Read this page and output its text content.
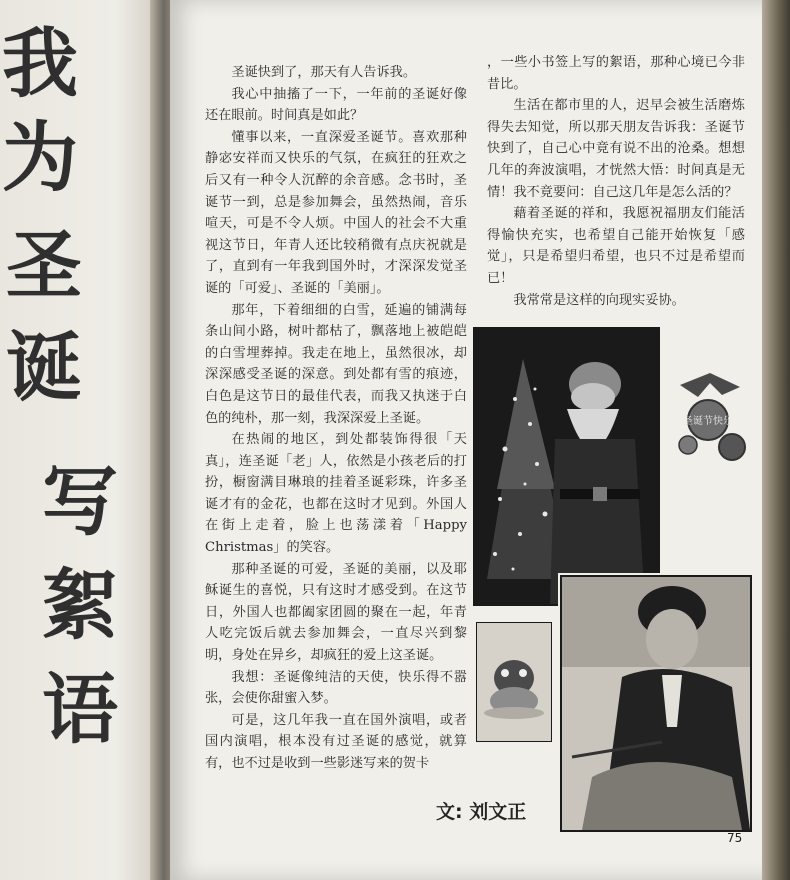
我
为
圣
诞
写
絮
语

圣诞快到了，那天有人告诉我。

我心中抽搐了一下，一年前的圣诞好像还在眼前。时间真是如此？

懂事以来，一直深爱圣诞节。喜欢那种静宓安祥而又快乐的气氛，在疯狂的狂欢之后又有一种令人沉醉的余音感。念书时，圣诞节一到，总是参加舞会，虽然热闹，音乐喧天，可是不令人烦。中国人的社会不大重视这节日，年青人还比较稍微有点庆祝就是了，直到有一年我到国外时，才深深发觉圣诞的「可爱」、圣诞的「美丽」。

那年，下着细细的白雪，延遍的铺满每条山间小路，树叶都枯了，飘落地上被皑皑的白雪埋葬掉。我走在地上，虽然很冰，却深深感受圣诞的深意。到处都有雪的痕迹，白色是这节日的最佳代表，而我又执迷于白色的纯朴，那一刻，我深深爱上圣诞。

在热闹的地区，到处都装饰得很「天真」，连圣诞「老」人，依然是小孩老后的打扮，橱窗满目琳琅的挂着圣诞彩珠，许多圣诞才有的金花，也都在这时才见到。外国人在街上走着，脸上也荡漾着「Happy Christmas」的笑容。

那种圣诞的可爱，圣诞的美丽，以及耶稣诞生的喜悦，只有这时才感受到。在这节日，外国人也都阖家团圆的聚在一起，年青人吃完饭后就去参加舞会，一直尽兴到黎明，身处在异乡，却疯狂的爱上这圣诞。

我想：圣诞像纯洁的天使，快乐得不嚣张，会使你甜蜜入梦。

可是，这几年我一直在国外演唱，或者国内演唱，根本没有过圣诞的感觉，就算有，也不过是收到一些影迷写来的贺卡

，一些小书签上写的絮语，那种心境已今非昔比。

生活在都市里的人，迟早会被生活磨炼得失去知觉，所以那天朋友告诉我：圣诞节快到了，自己心中竟有说不出的沧桑。想想几年的奔波演唱，才恍然大悟：时间真是无情！我不竟要问：自己这几年是怎么活的？

藉着圣诞的祥和，我愿祝福朋友们能活得愉快充实，也希望自己能开始恢复「感觉」，只是希望归希望，也只不过是希望而已！

我常常是这样的向现实妥协。

圣诞节快乐
文: 刘文正
75
